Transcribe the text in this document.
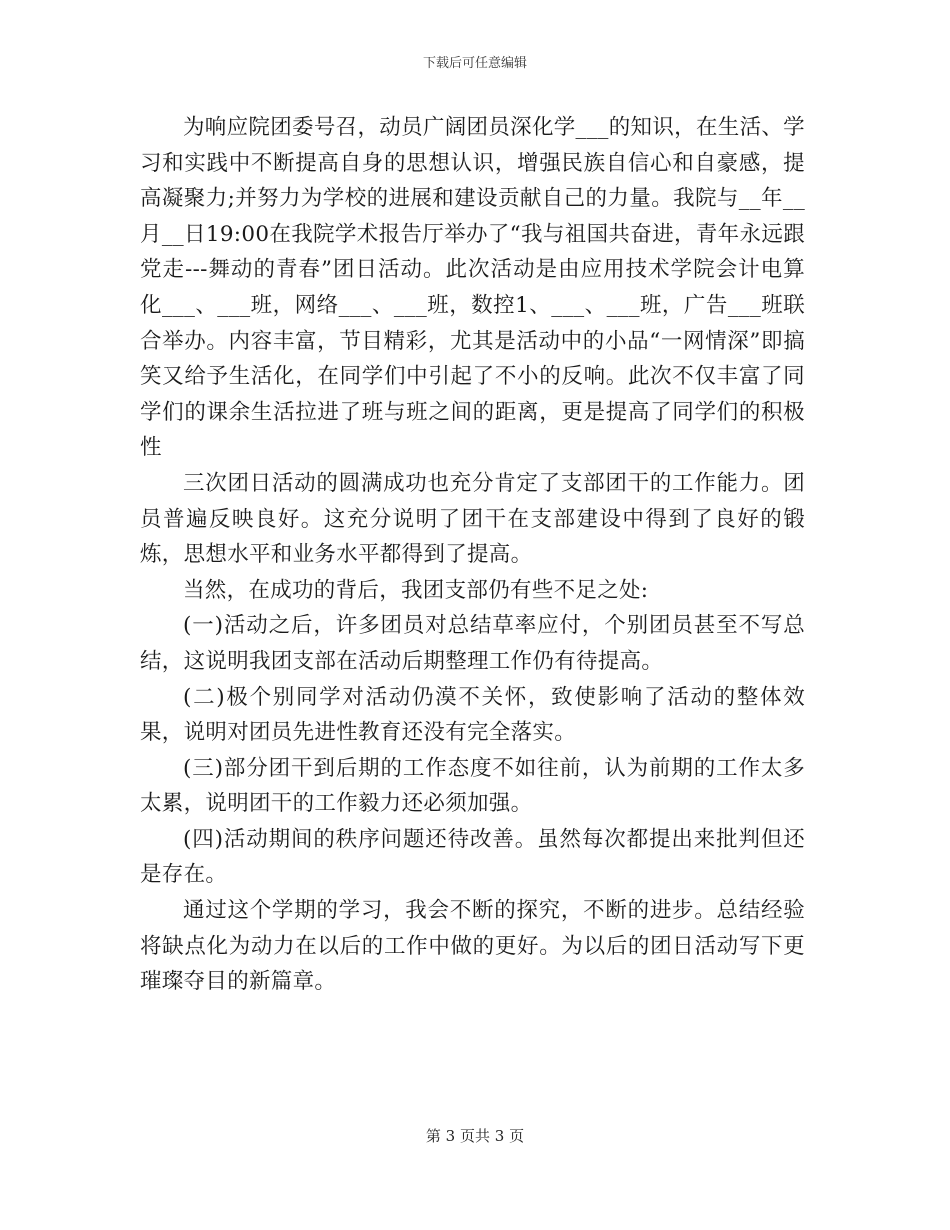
下载后可任意编辑

为响应院团委号召，动员广阔团员深化学___的知识，在生活、学习和实践中不断提高自身的思想认识，增强民族自信心和自豪感，提高凝聚力;并努力为学校的进展和建设贡献自己的力量。我院与__年__月__日19:00在我院学术报告厅举办了“我与祖国共奋进，青年永远跟党走---舞动的青春”团日活动。此次活动是由应用技术学院会计电算化___、___班，网络___、___班，数控1、___、___班，广告___班联合举办。内容丰富，节目精彩，尤其是活动中的小品“一网情深”即搞笑又给予生活化，在同学们中引起了不小的反响。此次不仅丰富了同学们的课余生活拉进了班与班之间的距离，更是提高了同学们的积极性

三次团日活动的圆满成功也充分肯定了支部团干的工作能力。团员普遍反映良好。这充分说明了团干在支部建设中得到了良好的锻炼，思想水平和业务水平都得到了提高。

当然，在成功的背后，我团支部仍有些不足之处:

(一)活动之后，许多团员对总结草率应付，个别团员甚至不写总结，这说明我团支部在活动后期整理工作仍有待提高。

(二)极个别同学对活动仍漠不关怀，致使影响了活动的整体效果，说明对团员先进性教育还没有完全落实。

(三)部分团干到后期的工作态度不如往前，认为前期的工作太多太累，说明团干的工作毅力还必须加强。

(四)活动期间的秩序问题还待改善。虽然每次都提出来批判但还是存在。

通过这个学期的学习，我会不断的探究，不断的进步。总结经验将缺点化为动力在以后的工作中做的更好。为以后的团日活动写下更璀璨夺目的新篇章。

第 3 页共 3 页
